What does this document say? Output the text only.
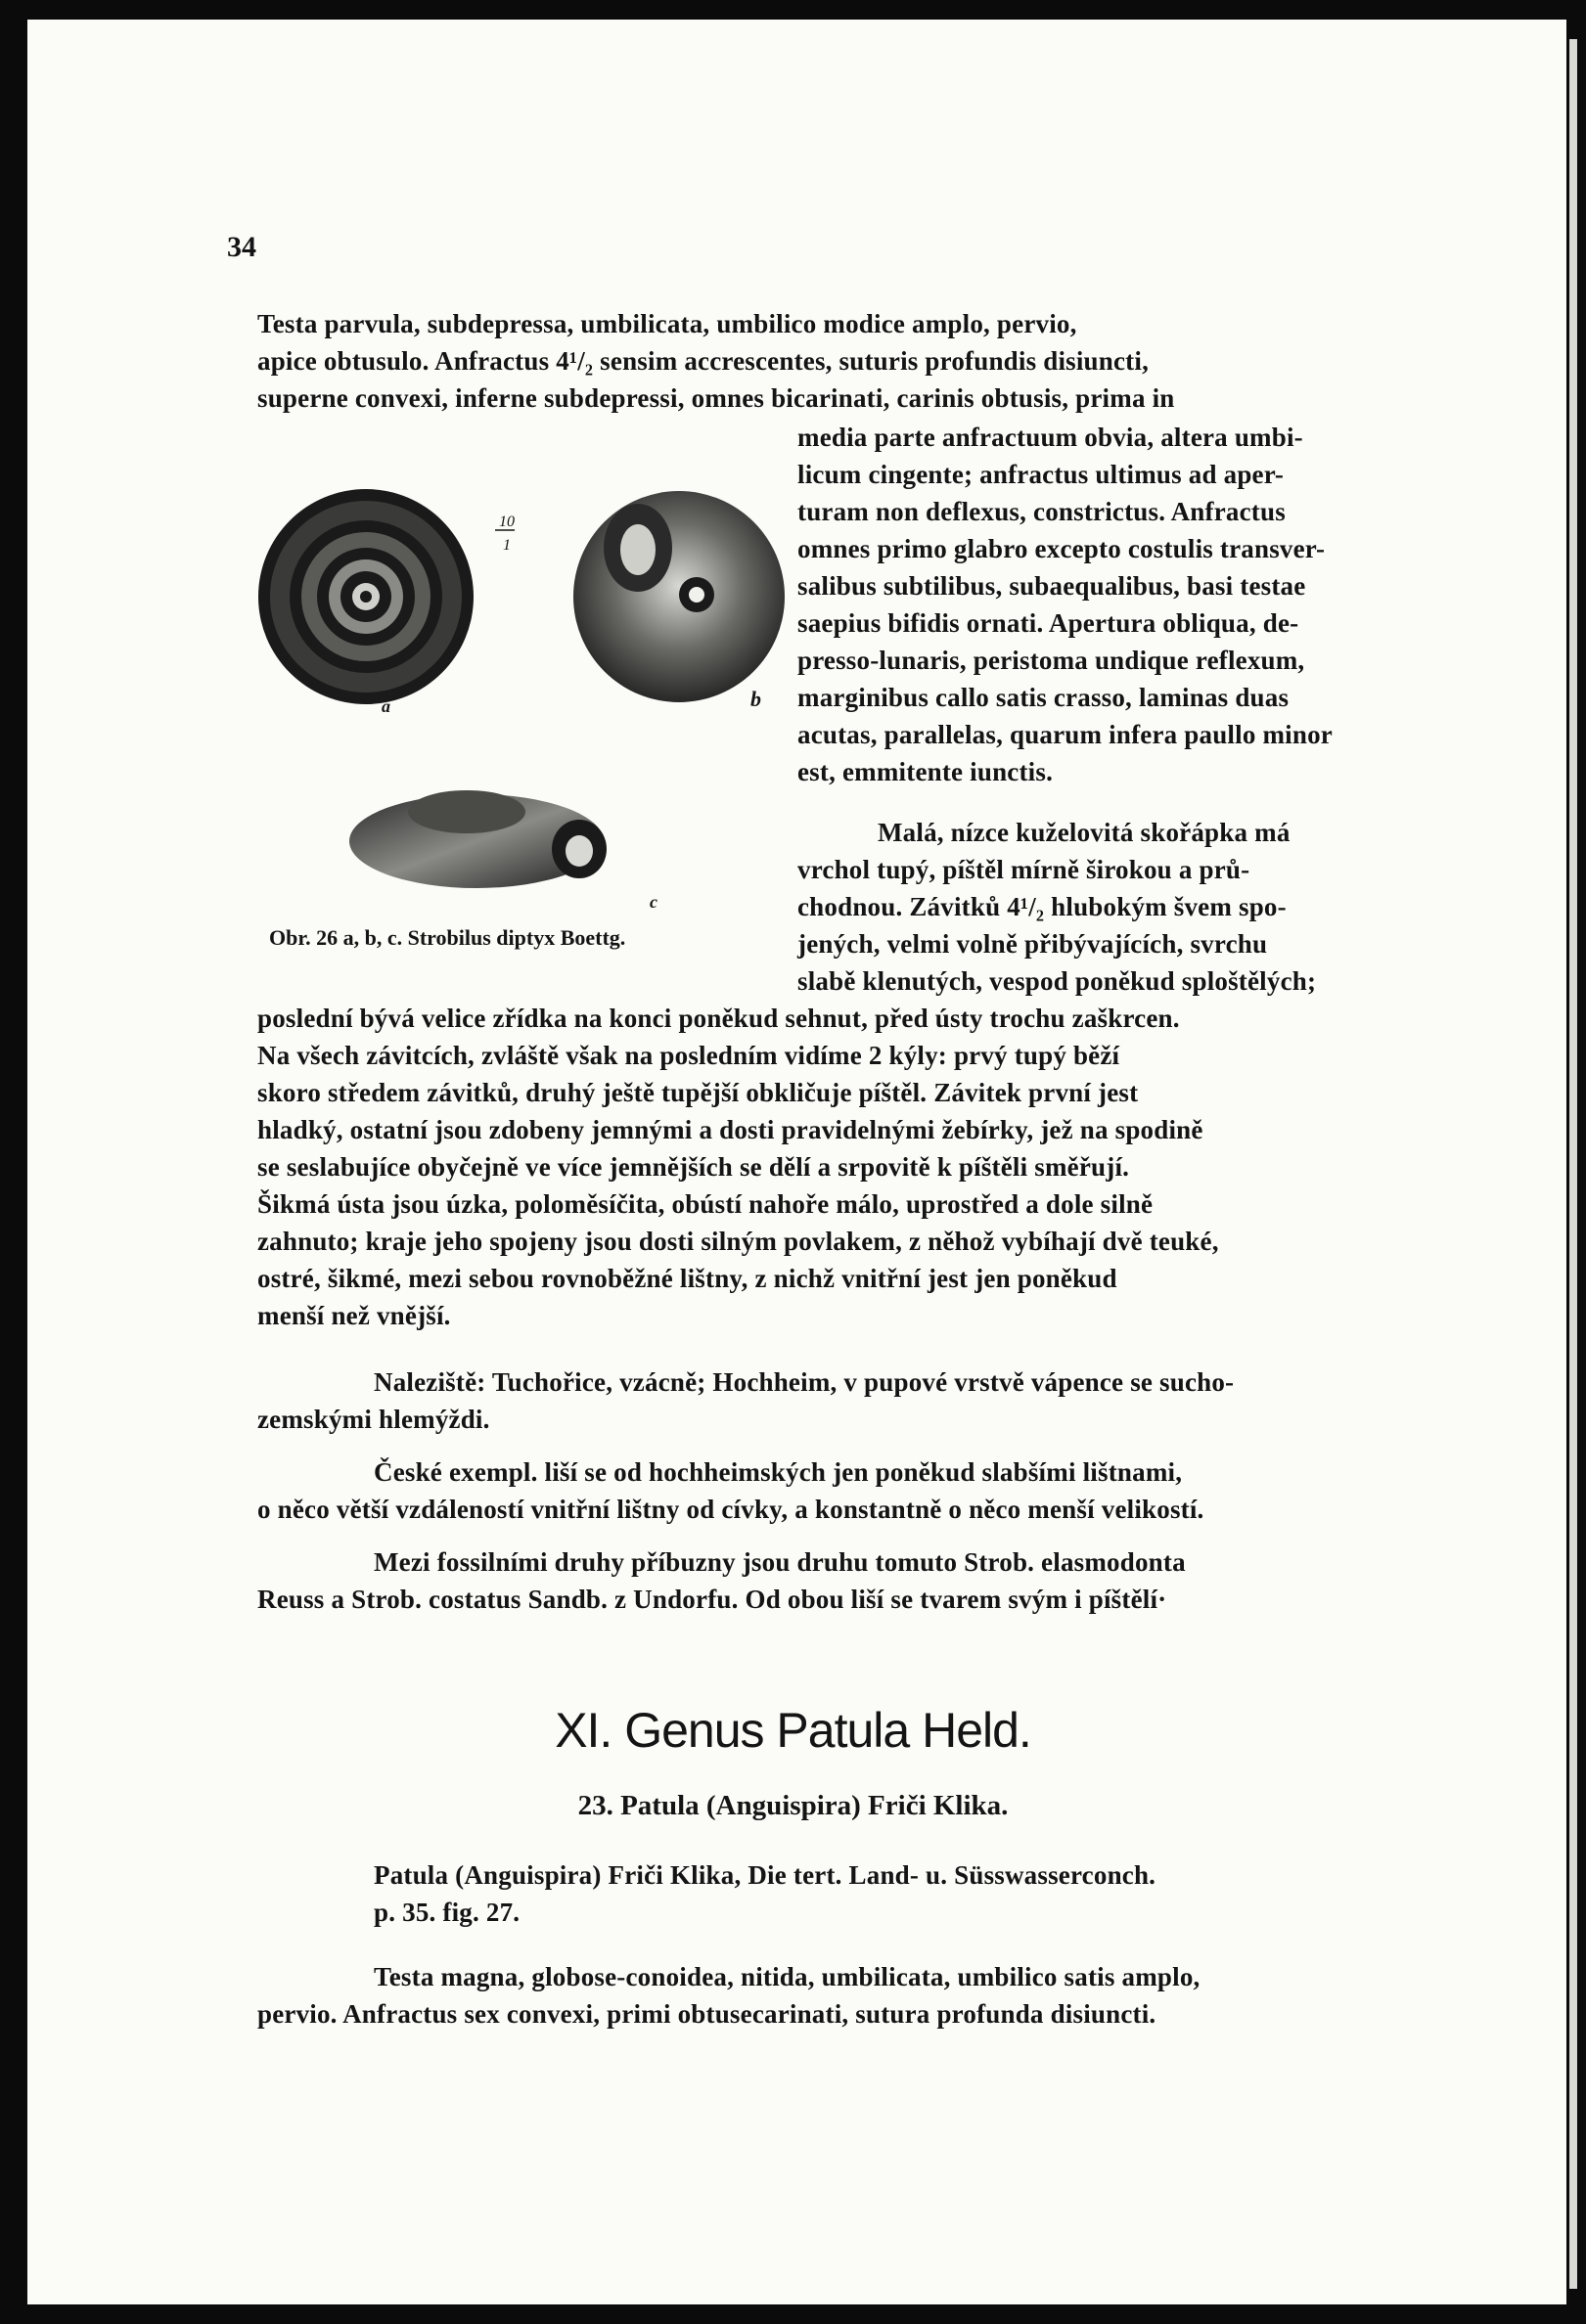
34
Testa parvula, subdepressa, umbilicata, umbilico modice amplo, pervio,
apice obtusulo. Anfractus 4¹/₂ sensim accrescentes, suturis profundis disiuncti,
superne convexi, inferne subdepressi, omnes bicarinati, carinis obtusis, prima in
media parte anfractuum obvia, altera umbi-
licum cingente; anfractus ultimus ad aper-
turam non deflexus, constrictus. Anfractus
omnes primo glabro excepto costulis transver-
salibus subtilibus, subaequalibus, basi testae
saepius bifidis ornati. Apertura obliqua, de-
presso-lunaris, peristoma undique reflexum,
marginibus callo satis crasso, laminas duas
acutas, parallelas, quarum infera paullo minor
est, emmitente iunctis.
Malá, nízce kuželovitá skořápka má
vrchol tupý, píštěl mírně širokou a prů-
chodnou. Závitků 4¹/₂ hlubokým švem spo-
jených, velmi volně přibývajících, svrchu
slabě klenutých, vespod poněkud sploštělých;
a	b
c
10
1
Obr. 26 a, b, c. Strobilus diptyx Boettg.
poslední bývá velice zřídka na konci poněkud sehnut, před ústy trochu zaškrcen.
Na všech závitcích, zvláště však na posledním vidíme 2 kýly: prvý tupý běží
skoro středem závitků, druhý ještě tupější obkličuje píštěl. Závitek první jest
hladký, ostatní jsou zdobeny jemnými a dosti pravidelnými žebírky, jež na spodině
se seslabujíce obyčejně ve více jemnějších se dělí a srpovitě k píštěli směřují.
Šikmá ústa jsou úzka, poloměsíčita, obústí nahoře málo, uprostřed a dole silně
zahnuto; kraje jeho spojeny jsou dosti silným povlakem, z něhož vybíhají dvě teuké,
ostré, šikmé, mezi sebou rovnoběžné lištny, z nichž vnitřní jest jen poněkud
menší než vnější.
Naleziště: Tuchořice, vzácně; Hochheim, v pupové vrstvě vápence se sucho-
zemskými hlemýždi.
České exempl. liší se od hochheimských jen poněkud slabšími lištnami,
o něco větší vzdáleností vnitřní lištny od cívky, a konstantně o něco menší velikostí.
Mezi fossilními druhy příbuzny jsou druhu tomuto Strob. elasmodonta
Reuss a Strob. costatus Sandb. z Undorfu. Od obou liší se tvarem svým i píštělí·
XI. Genus Patula Held.
23. Patula (Anguispira) Friči Klika.
Patula (Anguispira) Friči Klika, Die tert. Land- u. Süsswasserconch.
p. 35. fig. 27.
Testa magna, globose-conoidea, nitida, umbilicata, umbilico satis amplo,
pervio. Anfractus sex convexi, primi obtusecarinati, sutura profunda disiuncti.
